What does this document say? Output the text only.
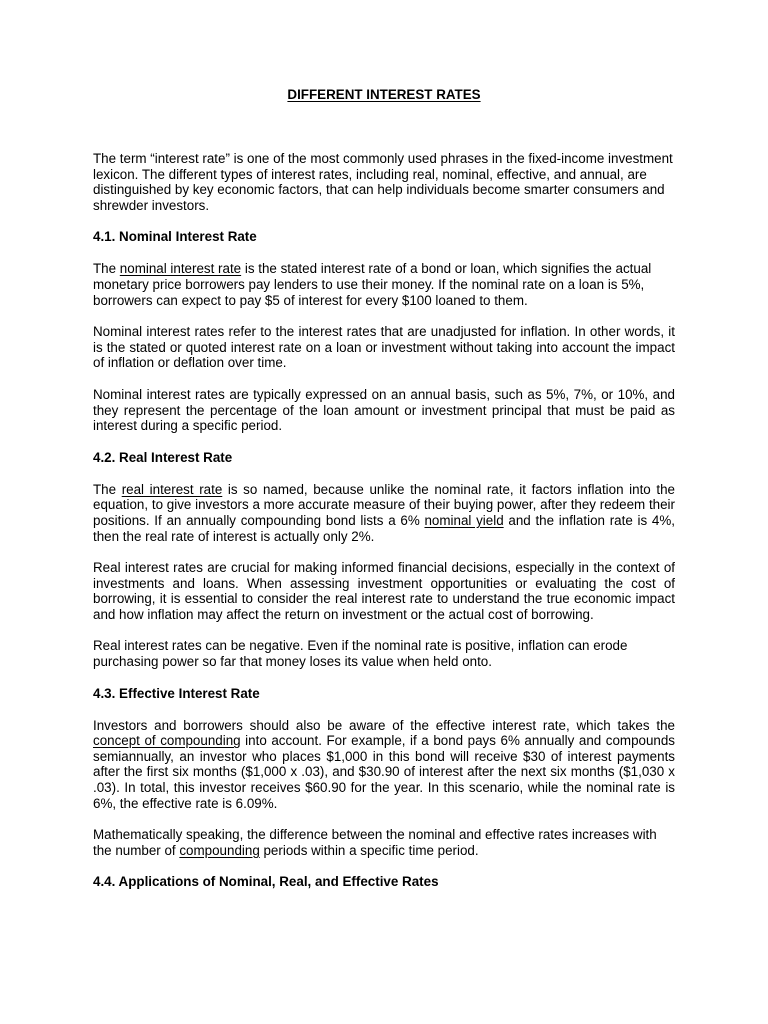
DIFFERENT INTEREST RATES

The term “interest rate” is one of the most commonly used phrases in the fixed-income investment lexicon. The different types of interest rates, including real, nominal, effective, and annual, are distinguished by key economic factors, that can help individuals become smarter consumers and shrewder investors.

4.1. Nominal Interest Rate

The nominal interest rate is the stated interest rate of a bond or loan, which signifies the actual monetary price borrowers pay lenders to use their money. If the nominal rate on a loan is 5%, borrowers can expect to pay $5 of interest for every $100 loaned to them.

Nominal interest rates refer to the interest rates that are unadjusted for inflation. In other words, it is the stated or quoted interest rate on a loan or investment without taking into account the impact of inflation or deflation over time.

Nominal interest rates are typically expressed on an annual basis, such as 5%, 7%, or 10%, and they represent the percentage of the loan amount or investment principal that must be paid as interest during a specific period.

4.2. Real Interest Rate

The real interest rate is so named, because unlike the nominal rate, it factors inflation into the equation, to give investors a more accurate measure of their buying power, after they redeem their positions. If an annually compounding bond lists a 6% nominal yield and the inflation rate is 4%, then the real rate of interest is actually only 2%.

Real interest rates are crucial for making informed financial decisions, especially in the context of investments and loans. When assessing investment opportunities or evaluating the cost of borrowing, it is essential to consider the real interest rate to understand the true economic impact and how inflation may affect the return on investment or the actual cost of borrowing.

Real interest rates can be negative. Even if the nominal rate is positive, inflation can erode purchasing power so far that money loses its value when held onto.

4.3. Effective Interest Rate

Investors and borrowers should also be aware of the effective interest rate, which takes the concept of compounding into account. For example, if a bond pays 6% annually and compounds semiannually, an investor who places $1,000 in this bond will receive $30 of interest payments after the first six months ($1,000 x .03), and $30.90 of interest after the next six months ($1,030 x .03). In total, this investor receives $60.90 for the year. In this scenario, while the nominal rate is 6%, the effective rate is 6.09%.

Mathematically speaking, the difference between the nominal and effective rates increases with the number of compounding periods within a specific time period.

4.4. Applications of Nominal, Real, and Effective Rates
